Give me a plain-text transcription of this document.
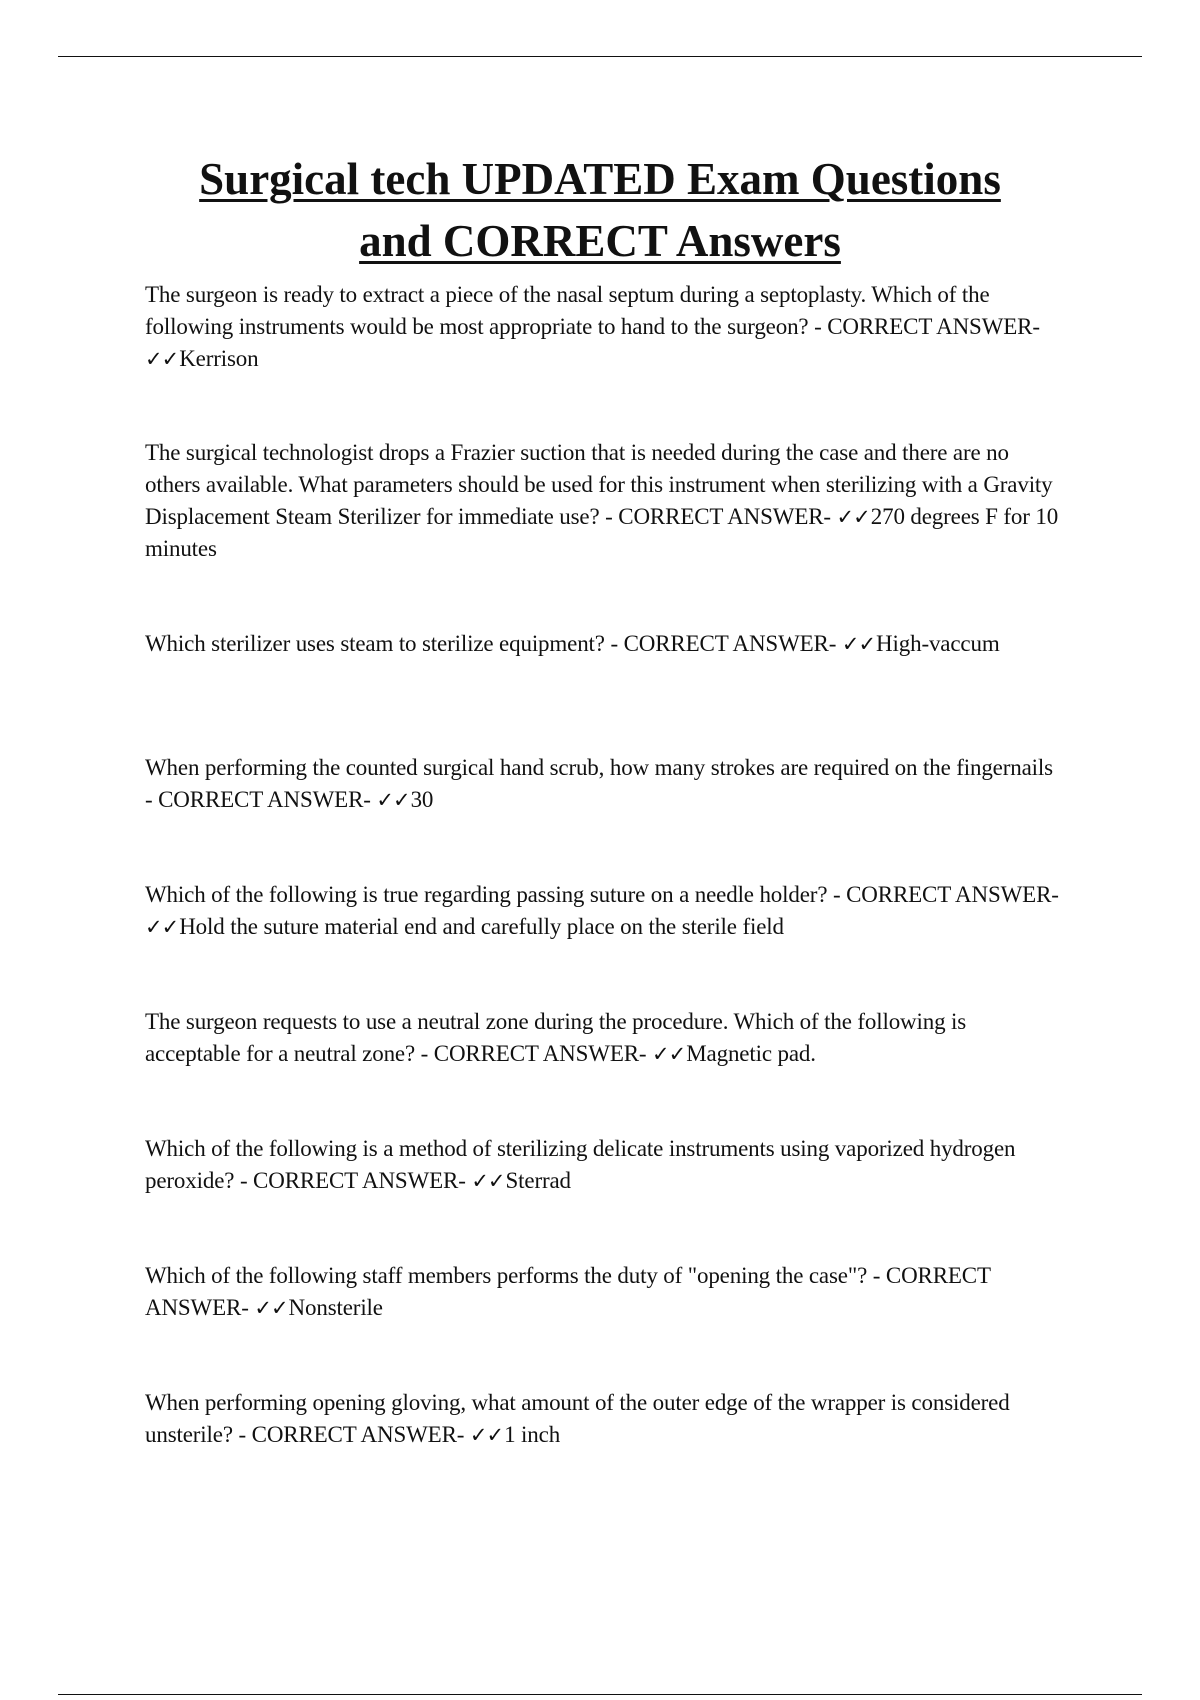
Surgical tech UPDATED Exam Questions
and CORRECT Answers

The surgeon is ready to extract a piece of the nasal septum during a septoplasty. Which of the following instruments would be most appropriate to hand to the surgeon? - CORRECT ANSWER- ✓✓Kerrison

The surgical technologist drops a Frazier suction that is needed during the case and there are no others available. What parameters should be used for this instrument when sterilizing with a Gravity Displacement Steam Sterilizer for immediate use? - CORRECT ANSWER- ✓✓270 degrees F for 10 minutes

Which sterilizer uses steam to sterilize equipment? - CORRECT ANSWER- ✓✓High-vaccum

When performing the counted surgical hand scrub, how many strokes are required on the fingernails - CORRECT ANSWER- ✓✓30

Which of the following is true regarding passing suture on a needle holder? - CORRECT ANSWER- ✓✓Hold the suture material end and carefully place on the sterile field

The surgeon requests to use a neutral zone during the procedure. Which of the following is acceptable for a neutral zone? - CORRECT ANSWER- ✓✓Magnetic pad.

Which of the following is a method of sterilizing delicate instruments using vaporized hydrogen peroxide? - CORRECT ANSWER- ✓✓Sterrad

Which of the following staff members performs the duty of "opening the case"? - CORRECT ANSWER- ✓✓Nonsterile

When performing opening gloving, what amount of the outer edge of the wrapper is considered unsterile? - CORRECT ANSWER- ✓✓1 inch
